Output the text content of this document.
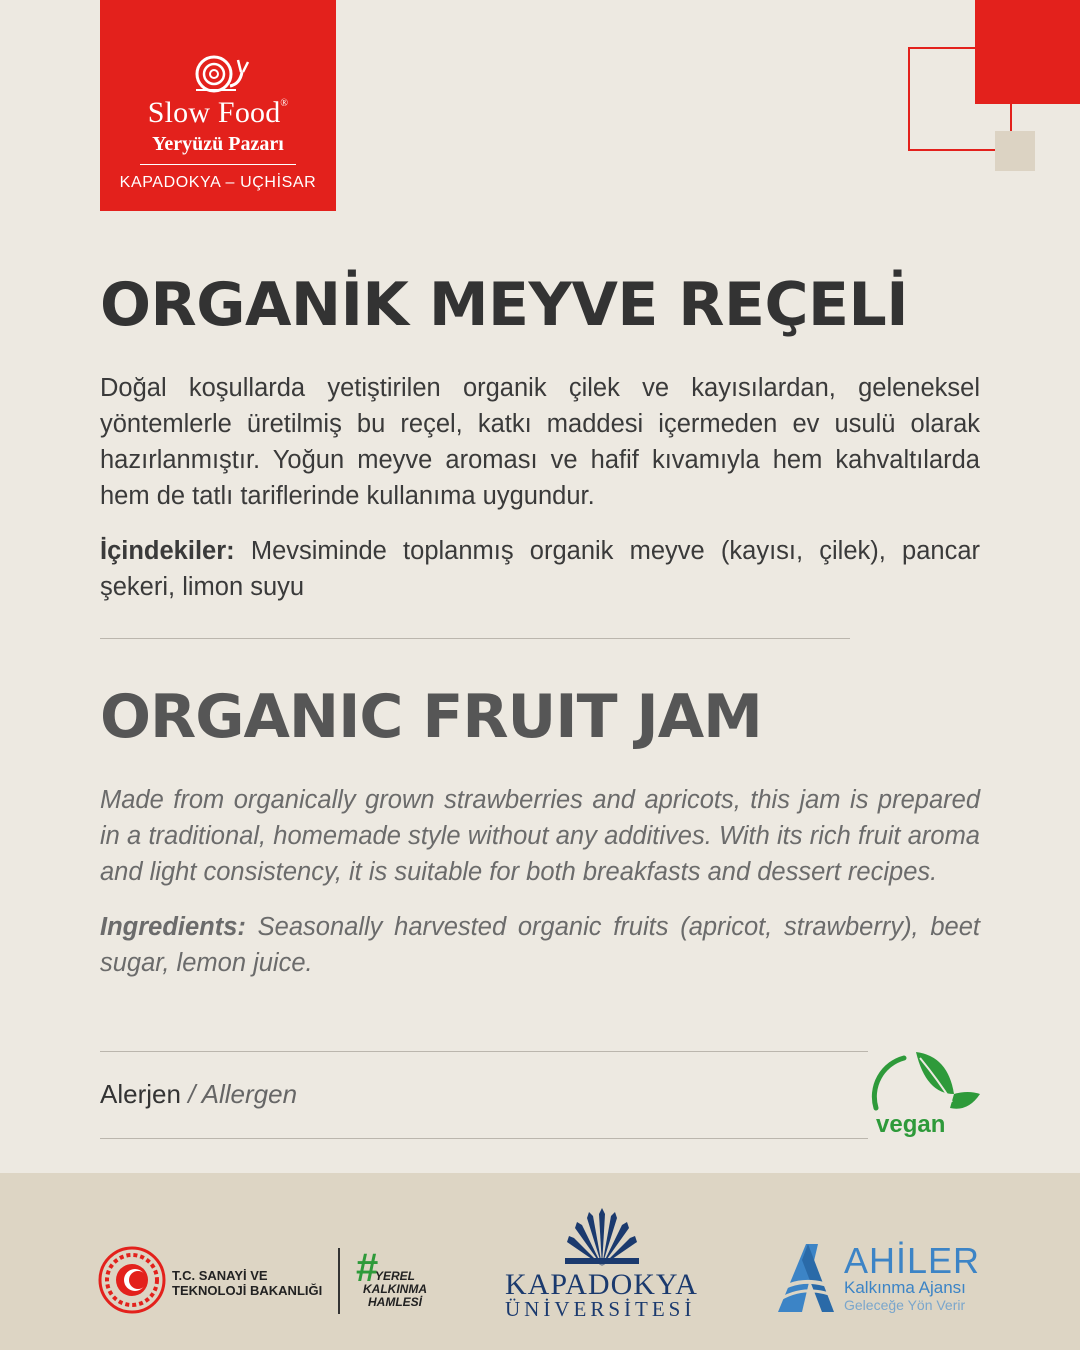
Slow Food®
Yeryüzü Pazarı
KAPADOKYA – UÇHİSAR
ORGANİK MEYVE REÇELİ

Doğal koşullarda yetiştirilen organik çilek ve kayısılardan, geleneksel yöntemlerle üretilmiş bu reçel, katkı maddesi içermeden ev usulü olarak hazırlanmıştır. Yoğun meyve aroması ve hafif kıvamıyla hem kahvaltılarda hem de tatlı tariflerinde kullanıma uygundur.

İçindekiler: Mevsiminde toplanmış organik meyve (kayısı, çilek), pancar şekeri, limon suyu

ORGANIC FRUIT JAM

Made from organically grown strawberries and apricots, this jam is prepared in a traditional, homemade style without any additives. With its rich fruit aroma and light consistency, it is suitable for both breakfasts and dessert recipes.

Ingredients: Seasonally harvested organic fruits (apricot, strawberry), beet sugar, lemon juice.

Alerjen / Allergen

vegan
T.C. SANAYİ VE
TEKNOLOJİ BAKANLIĞI
#
YEREL
KALKINMA
HAMLESİ
KAPADOKYA
ÜNİVERSİTESİ
AHİLER
Kalkınma Ajansı
Geleceğe Yön Verir
